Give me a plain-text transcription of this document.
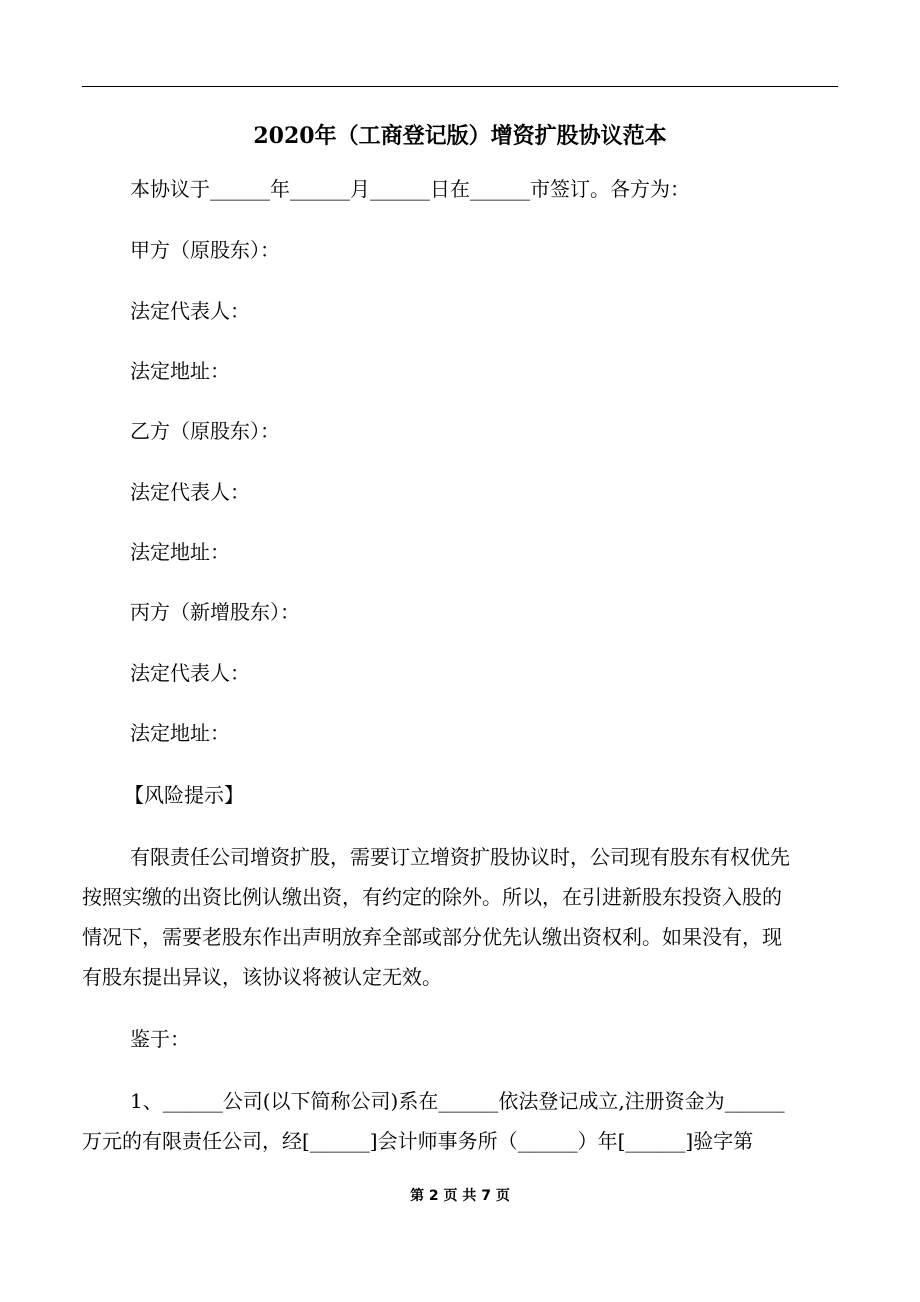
2020年（工商登记版）增资扩股协议范本
本协议于______年______月______日在______市签订。各方为：
甲方（原股东）：
法定代表人：
法定地址：
乙方（原股东）：
法定代表人：
法定地址：
丙方（新增股东）：
法定代表人：
法定地址：
【风险提示】
有限责任公司增资扩股，需要订立增资扩股协议时，公司现有股东有权优先
按照实缴的出资比例认缴出资，有约定的除外。所以，在引进新股东投资入股的
情况下，需要老股东作出声明放弃全部或部分优先认缴出资权利。如果没有，现
有股东提出异议，该协议将被认定无效。
鉴于：
1、______公司(以下简称公司)系在______依法登记成立,注册资金为______
万元的有限责任公司，经[______]会计师事务所（______）年[______]验字第
第 2 页 共 7 页
